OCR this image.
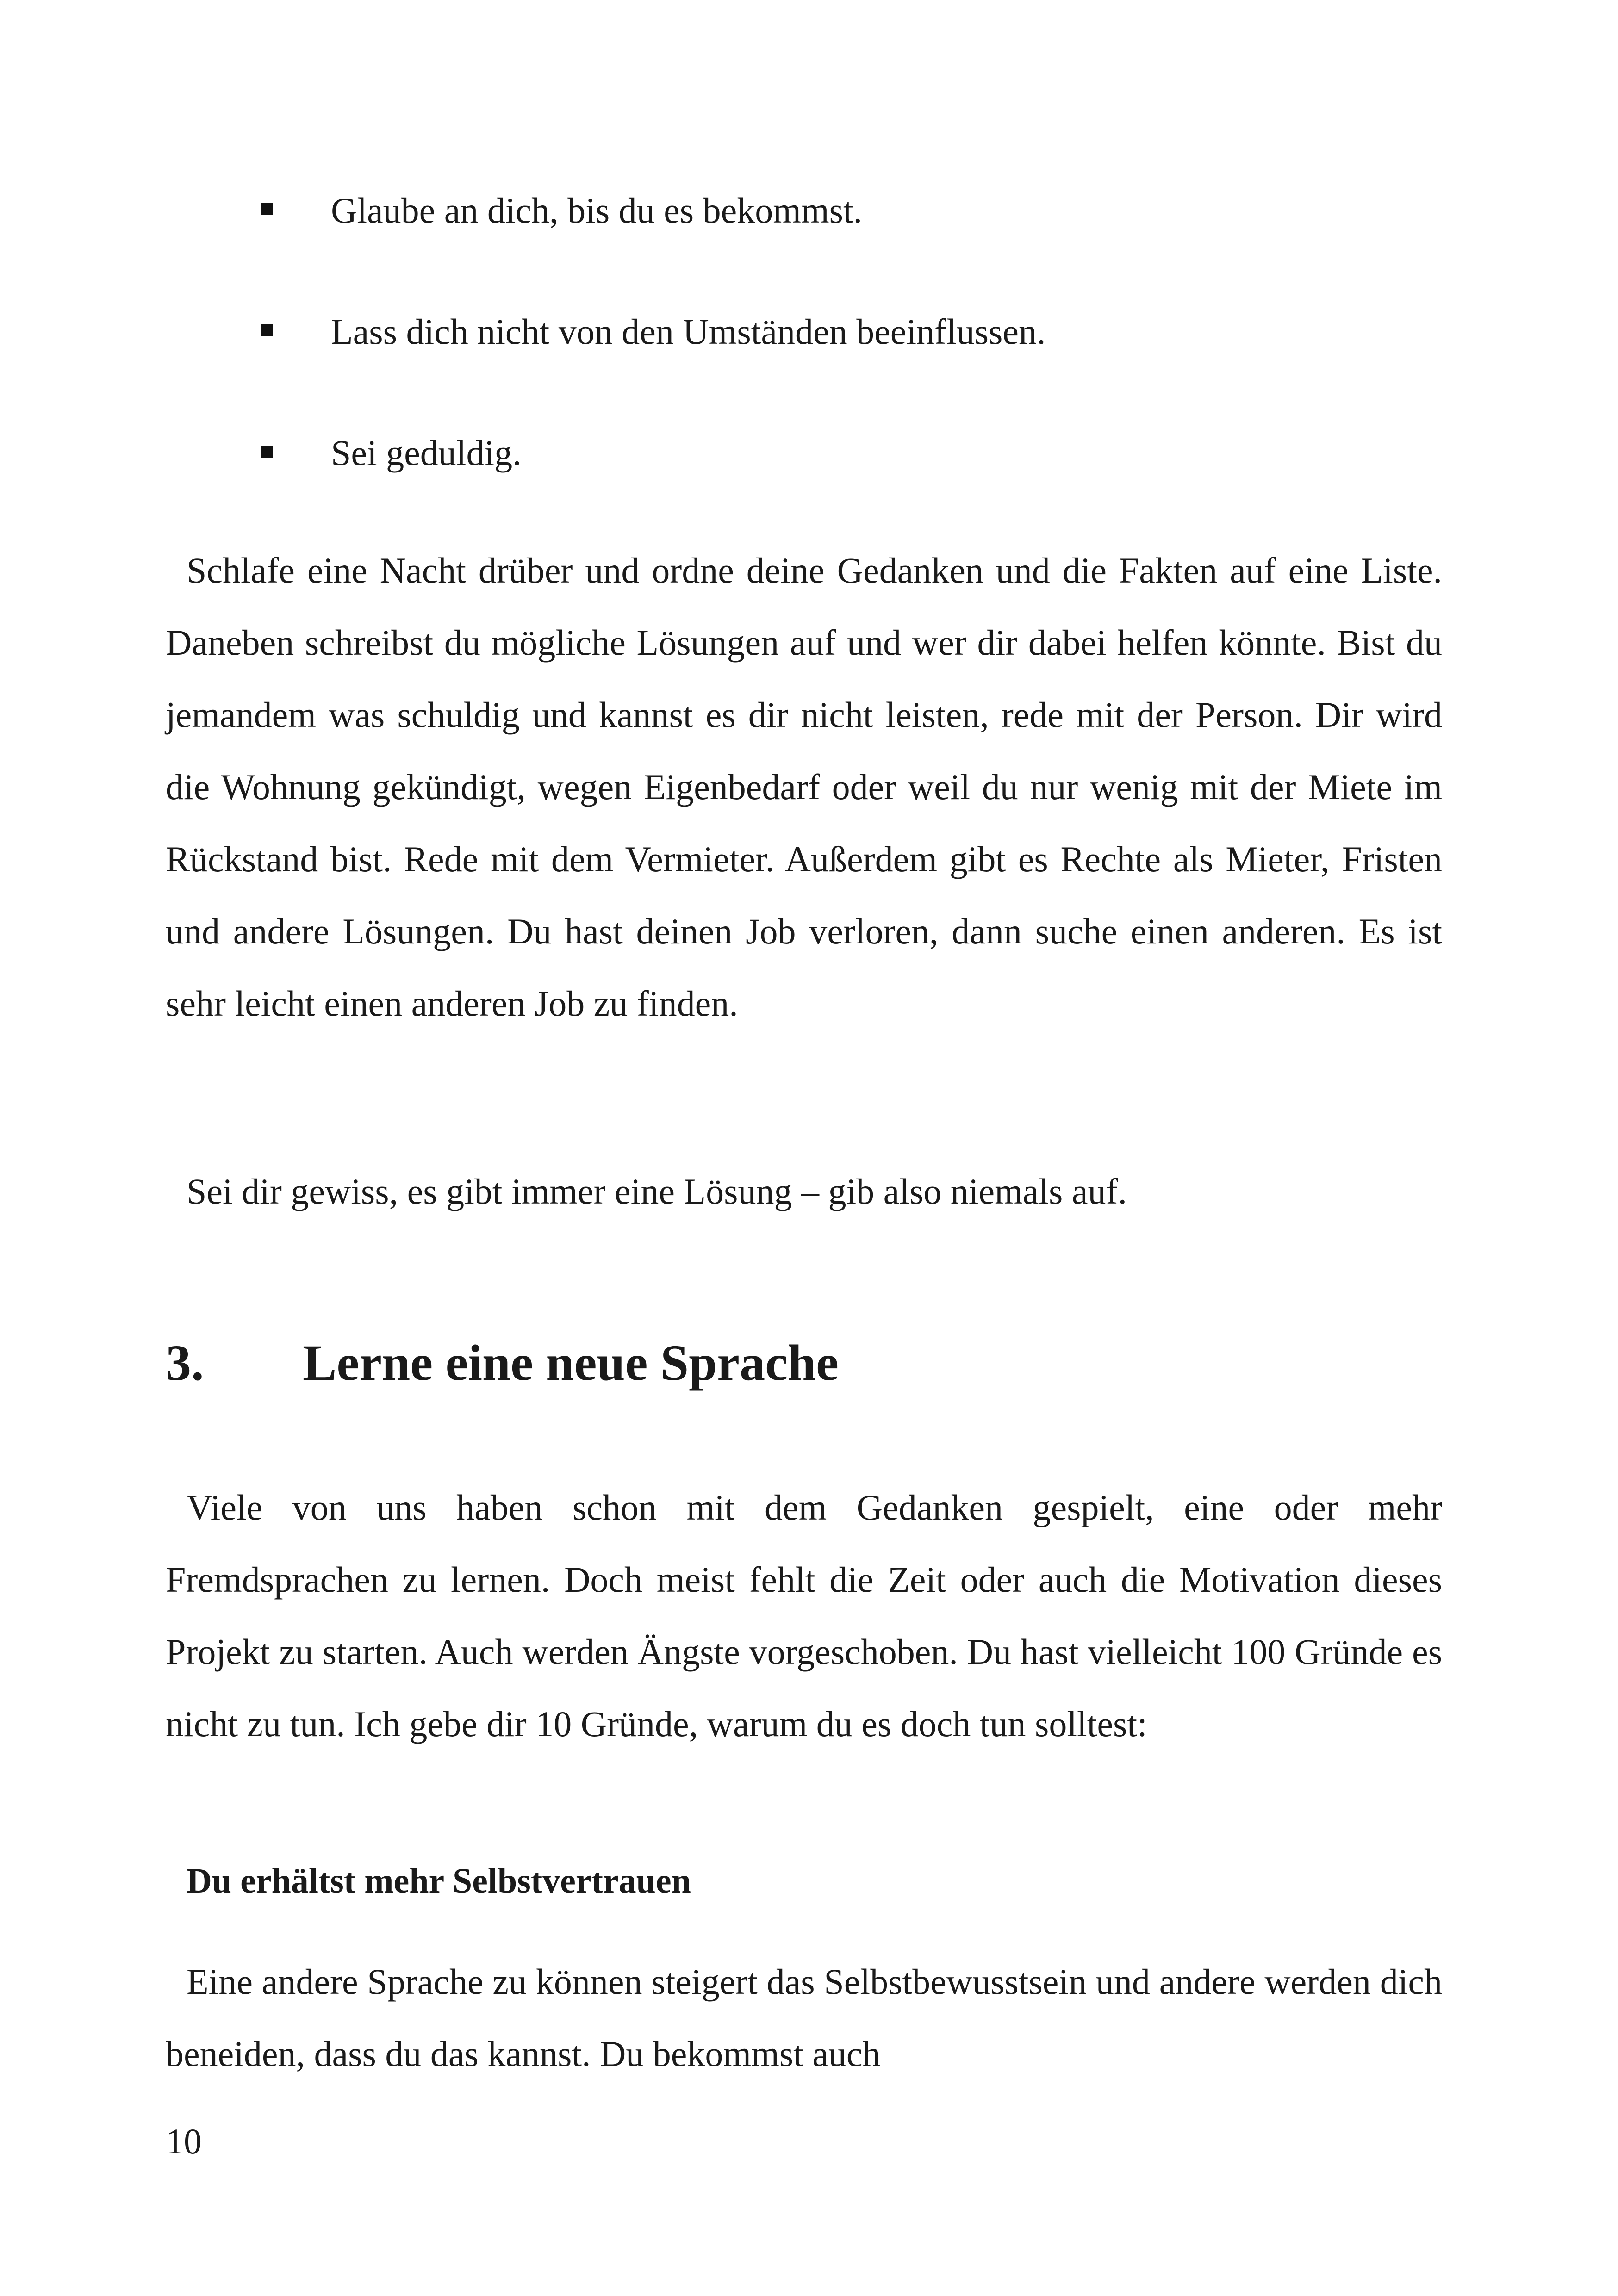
Glaube an dich, bis du es bekommst.
Lass dich nicht von den Umständen beeinflussen.
Sei geduldig.

Schlafe eine Nacht drüber und ordne deine Gedanken und die Fakten auf eine Liste. Daneben schreibst du mögliche Lösungen auf und wer dir dabei helfen könnte. Bist du jemandem was schuldig und kannst es dir nicht leisten, rede mit der Person. Dir wird die Wohnung gekündigt, wegen Eigenbedarf oder weil du nur wenig mit der Miete im Rückstand bist. Rede mit dem Vermieter. Außerdem gibt es Rechte als Mieter, Fristen und andere Lösungen. Du hast deinen Job verloren, dann suche einen anderen. Es ist sehr leicht einen anderen Job zu finden.

Sei dir gewiss, es gibt immer eine Lösung – gib also niemals auf.

3. Lerne eine neue Sprache

Viele von uns haben schon mit dem Gedanken gespielt, eine oder mehr Fremdsprachen zu lernen. Doch meist fehlt die Zeit oder auch die Motivation dieses Projekt zu starten. Auch werden Ängste vorgeschoben. Du hast vielleicht 100 Gründe es nicht zu tun. Ich gebe dir 10 Gründe, warum du es doch tun solltest:

Du erhältst mehr Selbstvertrauen

Eine andere Sprache zu können steigert das Selbstbewusstsein und andere werden dich beneiden, dass du das kannst. Du bekommst auch

10
